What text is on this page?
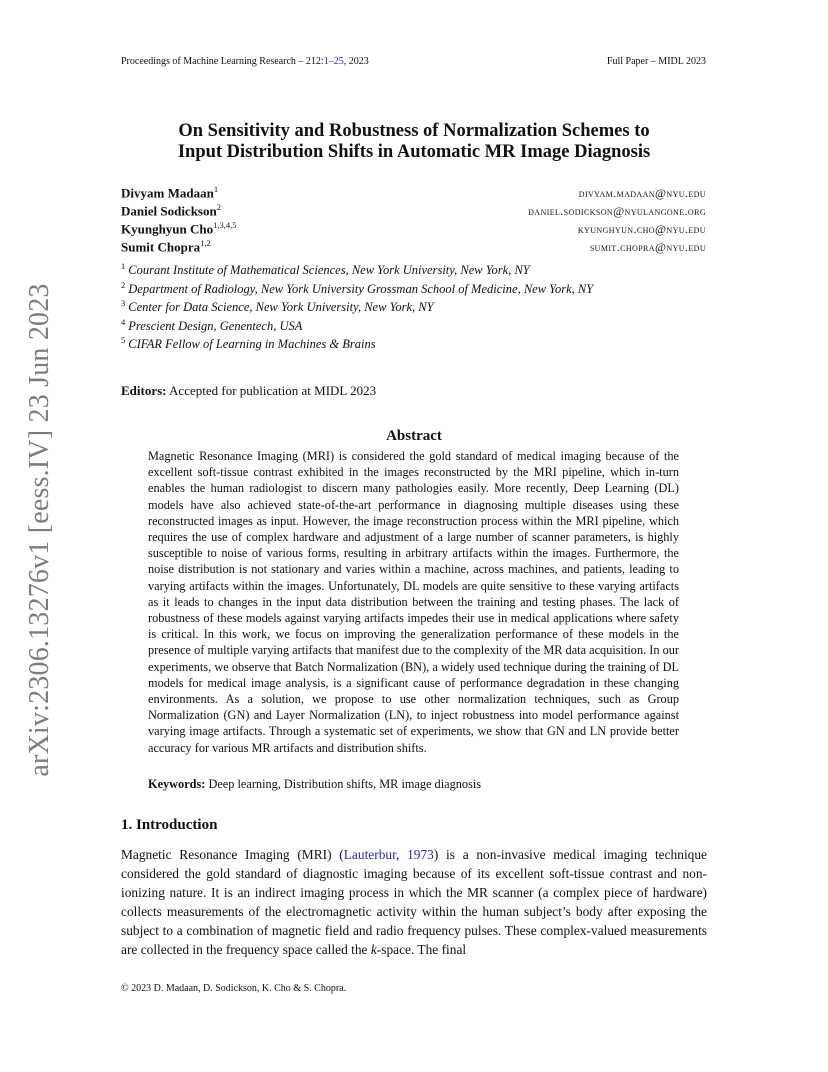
Proceedings of Machine Learning Research – 212:1–25, 2023	Full Paper – MIDL 2023
arXiv:2306.13276v1 [eess.IV] 23 Jun 2023
On Sensitivity and Robustness of Normalization Schemes to
Input Distribution Shifts in Automatic MR Image Diagnosis
Divyam Madaan$^1$	divyam.madaan@nyu.edu
Daniel Sodickson$^2$	daniel.sodickson@nyulangone.org
Kyunghyun Cho$^{1,3,4,5}$	kyunghyun.cho@nyu.edu
Sumit Chopra$^{1,2}$	sumit.chopra@nyu.edu
$^1$ Courant Institute of Mathematical Sciences, New York University, New York, NY
$^2$ Department of Radiology, New York University Grossman School of Medicine, New York, NY
$^3$ Center for Data Science, New York University, New York, NY
$^4$ Prescient Design, Genentech, USA
$^5$ CIFAR Fellow of Learning in Machines & Brains
Editors: Accepted for publication at MIDL 2023
Abstract
Magnetic Resonance Imaging (MRI) is considered the gold standard of medical imaging because of the excellent soft-tissue contrast exhibited in the images reconstructed by the MRI pipeline, which in-turn enables the human radiologist to discern many pathologies easily. More recently, Deep Learning (DL) models have also achieved state-of-the-art performance in diagnosing multiple diseases using these reconstructed images as input. However, the image reconstruction process within the MRI pipeline, which requires the use of complex hardware and adjustment of a large number of scanner parameters, is highly susceptible to noise of various forms, resulting in arbitrary artifacts within the images. Furthermore, the noise distribution is not stationary and varies within a machine, across machines, and patients, leading to varying artifacts within the images. Unfortunately, DL models are quite sensitive to these varying artifacts as it leads to changes in the input data distribution between the training and testing phases. The lack of robustness of these models against varying artifacts impedes their use in medical applications where safety is critical. In this work, we focus on improving the generalization performance of these models in the presence of multiple varying artifacts that manifest due to the complexity of the MR data acquisition. In our experiments, we observe that Batch Normalization (BN), a widely used technique during the training of DL models for medical image analysis, is a significant cause of performance degradation in these changing environments. As a solution, we propose to use other normalization techniques, such as Group Normalization (GN) and Layer Normalization (LN), to inject robustness into model performance against varying image artifacts. Through a systematic set of experiments, we show that GN and LN provide better accuracy for various MR artifacts and distribution shifts.
Keywords: Deep learning, Distribution shifts, MR image diagnosis
1. Introduction
Magnetic Resonance Imaging (MRI) (Lauterbur, 1973) is a non-invasive medical imaging technique considered the gold standard of diagnostic imaging because of its excellent soft-tissue contrast and non-ionizing nature. It is an indirect imaging process in which the MR scanner (a complex piece of hardware) collects measurements of the electromagnetic activity within the human subject’s body after exposing the subject to a combination of magnetic field and radio frequency pulses. These complex-valued measurements are collected in the frequency space called the k-space. The final
© 2023 D. Madaan, D. Sodickson, K. Cho & S. Chopra.
